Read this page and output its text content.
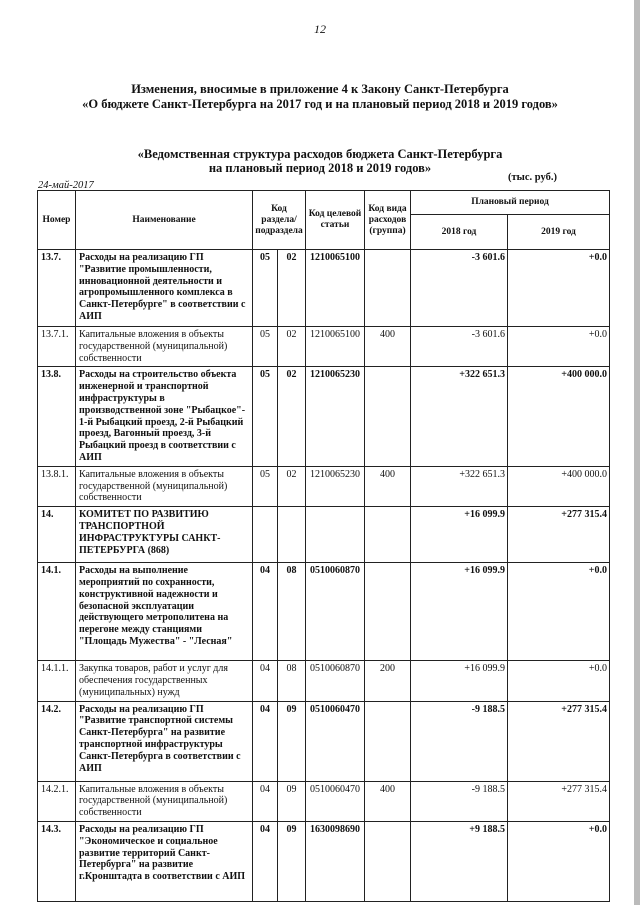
12
Изменения, вносимые в приложение 4 к Закону Санкт-Петербурга
«О бюджете Санкт-Петербурга на 2017 год и на плановый период 2018 и 2019 годов»
«Ведомственная структура расходов бюджета Санкт-Петербурга
на плановый период 2018 и 2019 годов»
24-май-2017
(тыс. руб.)
Номер	Наименование	Код раздела/ подраздела		Код целевой статьи	Код вида расходов (группа)	Плановый период	
						2018 год	2019 год
13.7.	Расходы на реализацию ГП "Развитие промышленности, инновационной деятельности и агропромышленного комплекса в Санкт-Петербурге" в соответствии с АИП	05	02	1210065100		-3 601.6	+0.0
13.7.1.	Капитальные вложения в объекты государственной (муниципальной) собственности	05	02	1210065100	400	-3 601.6	+0.0
13.8.	Расходы на строительство объекта инженерной и транспортной инфраструктуры в производственной зоне "Рыбацкое"- 1-й Рыбацкий проезд, 2-й Рыбацкий проезд, Вагонный проезд, 3-й Рыбацкий проезд в соответствии с АИП	05	02	1210065230		+322 651.3	+400 000.0
13.8.1.	Капитальные вложения в объекты государственной (муниципальной) собственности	05	02	1210065230	400	+322 651.3	+400 000.0
14.	КОМИТЕТ ПО РАЗВИТИЮ ТРАНСПОРТНОЙ ИНФРАСТРУКТУРЫ САНКТ-ПЕТЕРБУРГА (868)					+16 099.9	+277 315.4
14.1.	Расходы на выполнение мероприятий по сохранности, конструктивной надежности и безопасной эксплуатации действующего метрополитена на перегоне между станциями "Площадь Мужества" - "Лесная"	04	08	0510060870		+16 099.9	+0.0
14.1.1.	Закупка товаров, работ и услуг для обеспечения государственных (муниципальных) нужд	04	08	0510060870	200	+16 099.9	+0.0
14.2.	Расходы на реализацию ГП "Развитие транспортной системы Санкт-Петербурга" на развитие транспортной инфраструктуры Санкт-Петербурга в соответствии с АИП	04	09	0510060470		-9 188.5	+277 315.4
14.2.1.	Капитальные вложения в объекты государственной (муниципальной) собственности	04	09	0510060470	400	-9 188.5	+277 315.4
14.3.	Расходы на реализацию ГП "Экономическое и социальное развитие территорий Санкт-Петербурга" на развитие г.Кронштадта в соответствии с АИП	04	09	1630098690		+9 188.5	+0.0
